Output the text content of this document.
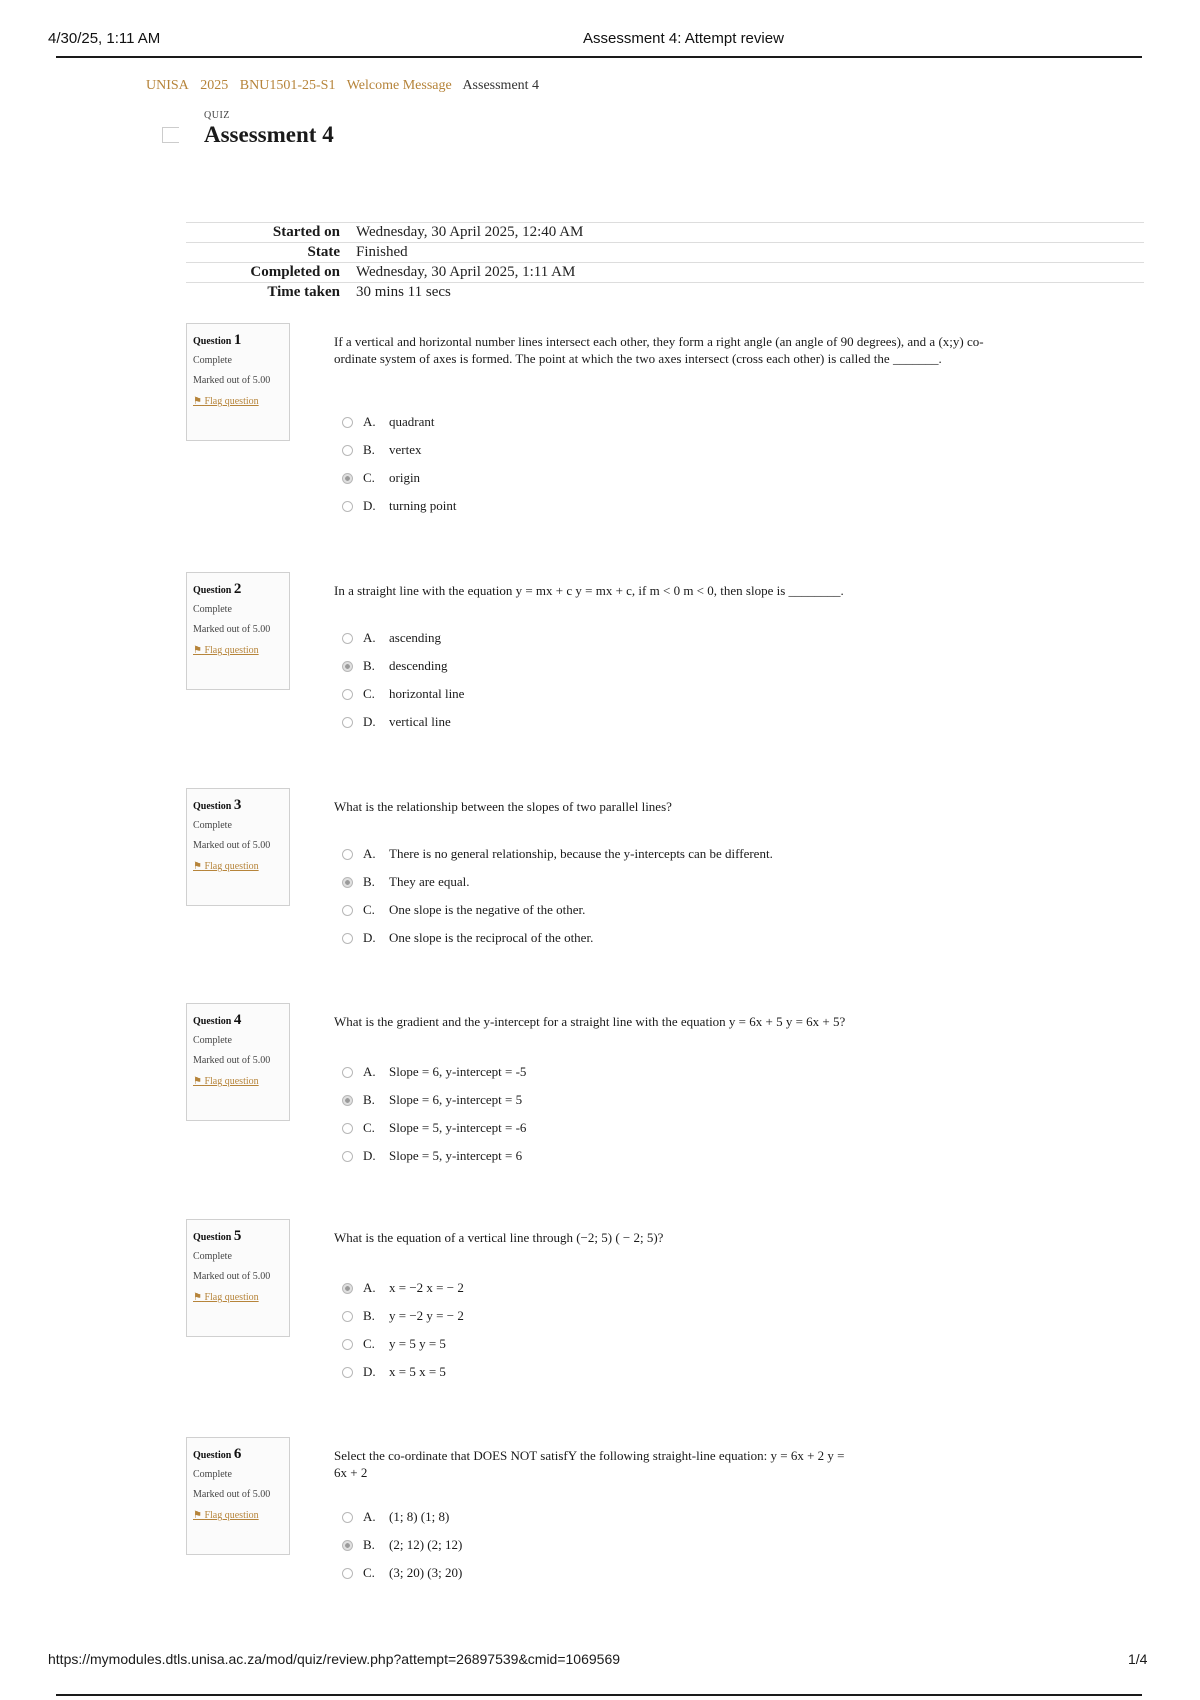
4/30/25, 1:11 AM	Assessment 4: Attempt review
UNISA 2025 BNU1501-25-S1 Welcome Message Assessment 4
QUIZ
Assessment 4
Started on	Wednesday, 30 April 2025, 12:40 AM
State	Finished
Completed on	Wednesday, 30 April 2025, 1:11 AM
Time taken	30 mins 11 secs
Question 1
Complete
Marked out of 5.00
⚑ Flag question
If a vertical and horizontal number lines intersect each other, they form a right angle (an angle of 90 degrees), and a (x;y) co-ordinate system of axes is formed. The point at which the two axes intersect (cross each other) is called the _______.
A.	quadrant
B.	vertex
C.	origin
D.	turning point
Question 2
Complete
Marked out of 5.00
⚑ Flag question
In a straight line with the equation y = mx + c y = mx + c, if m < 0 m < 0, then slope is ________.
A.	ascending
B.	descending
C.	horizontal line
D.	vertical line
Question 3
Complete
Marked out of 5.00
⚑ Flag question
What is the relationship between the slopes of two parallel lines?
A.	There is no general relationship, because the y-intercepts can be different.
B.	They are equal.
C.	One slope is the negative of the other.
D.	One slope is the reciprocal of the other.
Question 4
Complete
Marked out of 5.00
⚑ Flag question
What is the gradient and the y-intercept for a straight line with the equation y = 6x + 5 y = 6x + 5?
A.	Slope = 6, y-intercept = -5
B.	Slope = 6, y-intercept = 5
C.	Slope = 5, y-intercept = -6
D.	Slope = 5, y-intercept = 6
Question 5
Complete
Marked out of 5.00
⚑ Flag question
What is the equation of a vertical line through (−2; 5) ( − 2; 5)?
A.	x = −2 x = − 2
B.	y = −2 y = − 2
C.	y = 5 y = 5
D.	x = 5 x = 5
Question 6
Complete
Marked out of 5.00
⚑ Flag question
Select the co-ordinate that DOES NOT satisfY the following straight-line equation: y = 6x + 2 y = 6x + 2
A.	(1; 8) (1; 8)
B.	(2; 12) (2; 12)
C.	(3; 20) (3; 20)
https://mymodules.dtls.unisa.ac.za/mod/quiz/review.php?attempt=26897539&cmid=1069569	1/4
